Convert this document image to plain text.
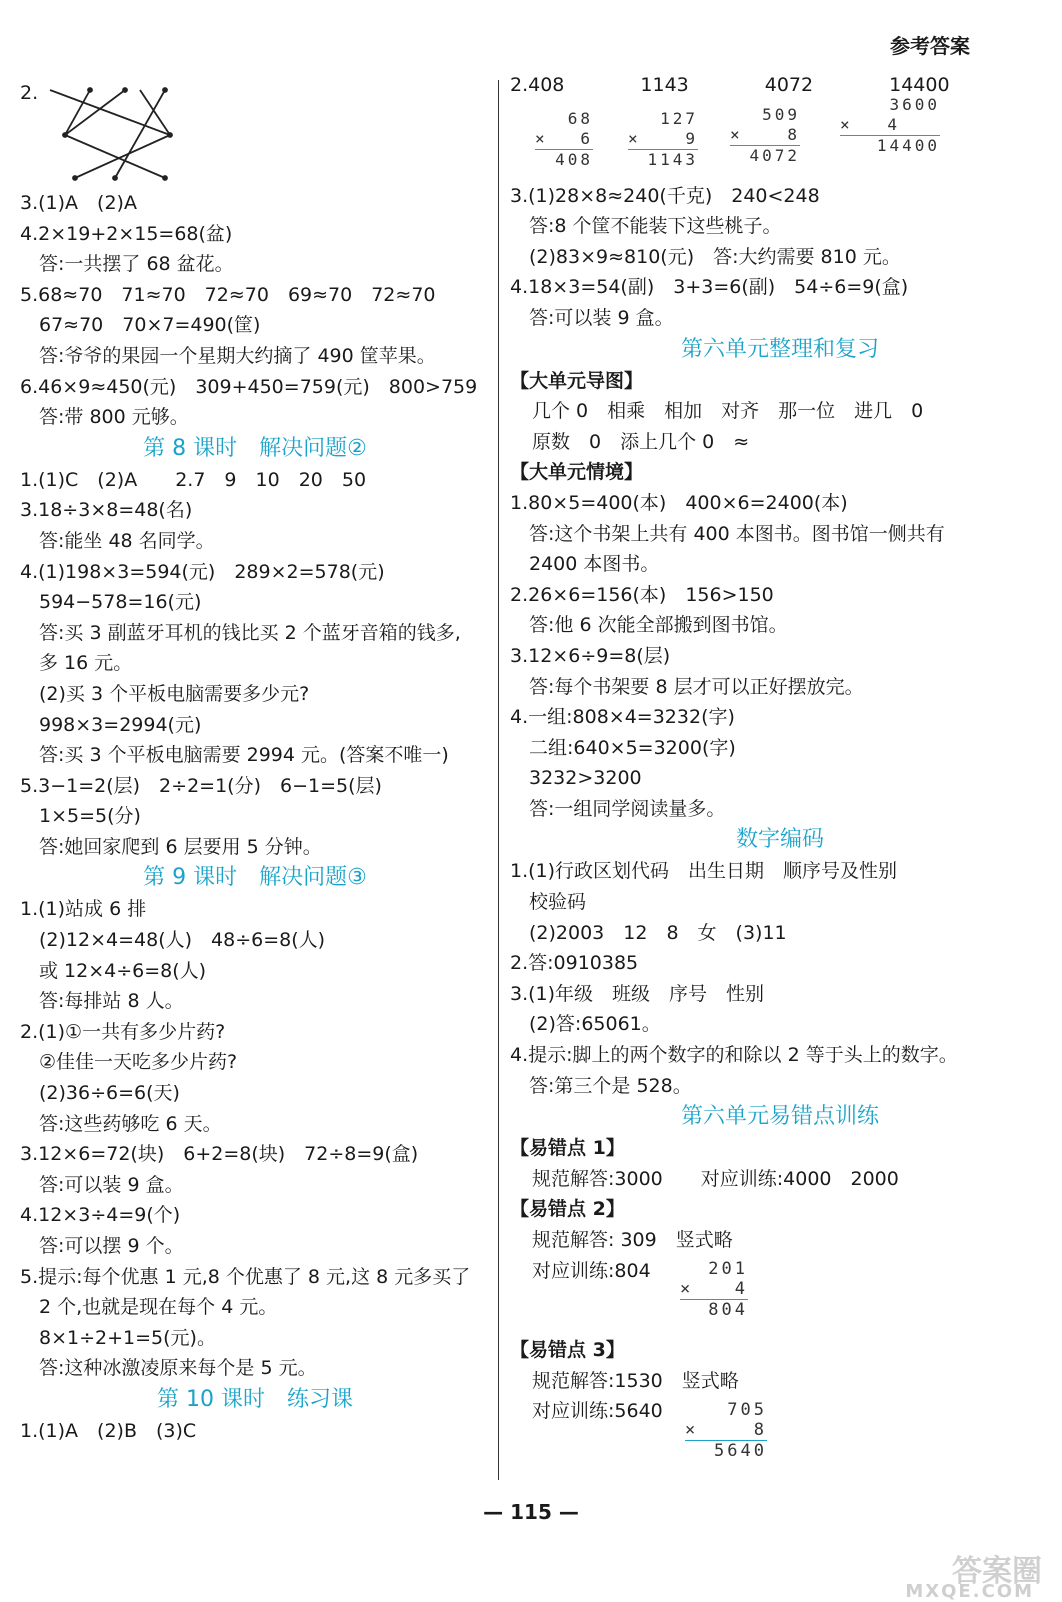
参考答案
2.
3.(1)A　(2)A
4.2×19+2×15=68(盆)
答:一共摆了 68 盆花。
5.68≈70　71≈70　72≈70　69≈70　72≈70
67≈70　70×7=490(筐)
答:爷爷的果园一个星期大约摘了 490 筐苹果。
6.46×9≈450(元)　309+450=759(元)　800>759
答:带 800 元够。
第 8 课时　解决问题②
1.(1)C　(2)A　　2.7　9　10　20　50
3.18÷3×8=48(名)
答:能坐 48 名同学。
4.(1)198×3=594(元)　289×2=578(元)
594−578=16(元)
答:买 3 副蓝牙耳机的钱比买 2 个蓝牙音箱的钱多,
多 16 元。
(2)买 3 个平板电脑需要多少元?
998×3=2994(元)
答:买 3 个平板电脑需要 2994 元。(答案不唯一)
5.3−1=2(层)　2÷2=1(分)　6−1=5(层)
1×5=5(分)
答:她回家爬到 6 层要用 5 分钟。
第 9 课时　解决问题③
1.(1)站成 6 排
(2)12×4=48(人)　48÷6=8(人)
或 12×4÷6=8(人)
答:每排站 8 人。
2.(1)①一共有多少片药?
②佳佳一天吃多少片药?
(2)36÷6=6(天)
答:这些药够吃 6 天。
3.12×6=72(块)　6+2=8(块)　72÷8=9(盒)
答:可以装 9 盒。
4.12×3÷4=9(个)
答:可以摆 9 个。
5.提示:每个优惠 1 元,8 个优惠了 8 元,这 8 元多买了
2 个,也就是现在每个 4 元。
8×1÷2+1=5(元)。
答:这种冰激凌原来每个是 5 元。
第 10 课时　练习课
1.(1)A　(2)B　(3)C
2.408　　　　1143　　　　4072　　　　14400
68
× 6
408
127
×	9
1143
509
×	8
4072
3600
× 4
14400
3.(1)28×8≈240(千克)　240<248
答:8 个筐不能装下这些桃子。
(2)83×9≈810(元)　答:大约需要 810 元。
4.18×3=54(副)　3+3=6(副)　54÷6=9(盒)
答:可以装 9 盒。
第六单元整理和复习
【大单元导图】
几个 0　相乘　相加　对齐　那一位　进几　0
原数　0　添上几个 0　≈
【大单元情境】
1.80×5=400(本)　400×6=2400(本)
答:这个书架上共有 400 本图书。图书馆一侧共有
2400 本图书。
2.26×6=156(本)　156>150
答:他 6 次能全部搬到图书馆。
3.12×6÷9=8(层)
答:每个书架要 8 层才可以正好摆放完。
4.一组:808×4=3232(字)
二组:640×5=3200(字)
3232>3200
答:一组同学阅读量多。
数字编码
1.(1)行政区划代码　出生日期　顺序号及性别
校验码
(2)2003　12　8　女　(3)11
2.答:0910385
3.(1)年级　班级　序号　性别
(2)答:65061。
4.提示:脚上的两个数字的和除以 2 等于头上的数字。
答:第三个是 528。
第六单元易错点训练
【易错点 1】
规范解答:3000　　对应训练:4000　2000
【易错点 2】
规范解答: 309　竖式略
对应训练:804	201
× 4
804
【易错点 3】
规范解答:1530　竖式略
对应训练:5640	705
×	8
5640
— 115 —
答案圈
MXQE.COM
